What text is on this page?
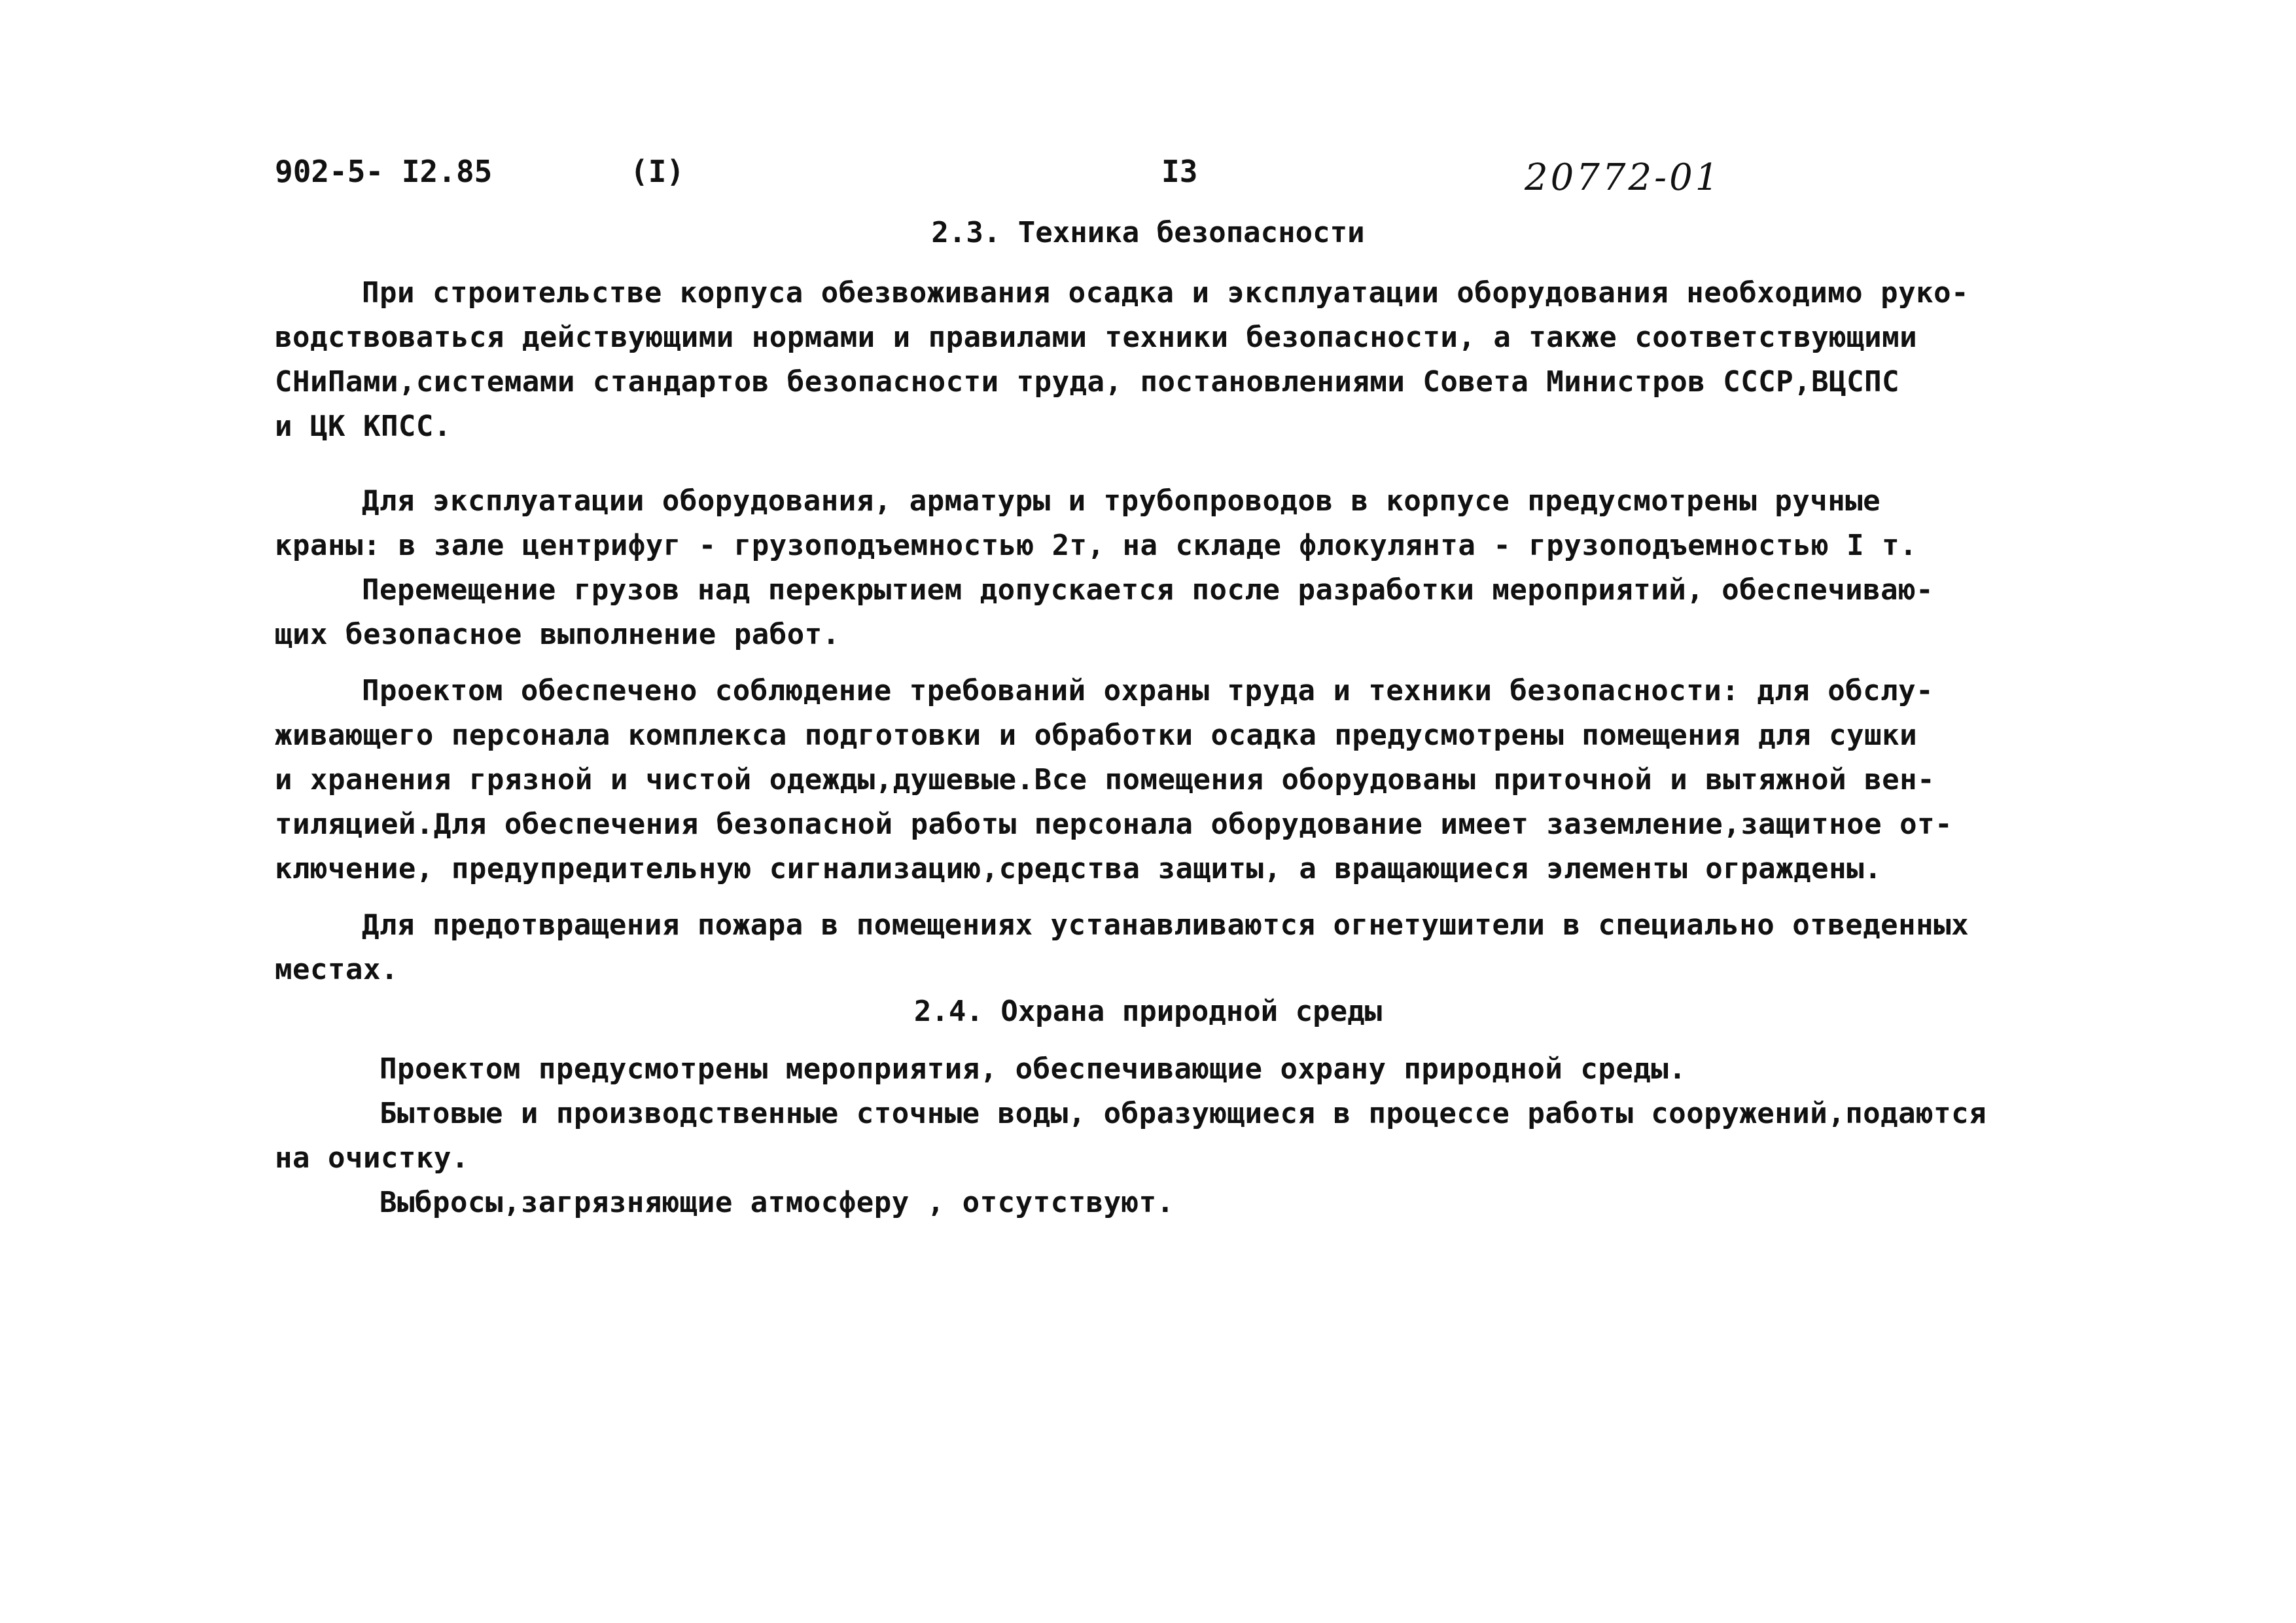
902-5- I2.85	(I)	I3	20772-01
2.3. Техника безопасности
При строительстве корпуса обезвоживания осадка и эксплуатации оборудования необходимо руко-
водствоваться действующими нормами и правилами техники безопасности, а также соответствующими
СНиПами,системами стандартов безопасности труда, постановлениями Совета Министров СССР,ВЦСПС
и ЦК КПСС.
Для эксплуатации оборудования, арматуры и трубопроводов в корпусе предусмотрены ручные
краны: в зале центрифуг - грузоподъемностью 2т, на складе флокулянта - грузоподъемностью I т.
Перемещение грузов над перекрытием допускается после разработки мероприятий, обеспечиваю-
щих безопасное выполнение работ.
Проектом обеспечено соблюдение требований охраны труда и техники безопасности: для обслу-
живающего персонала комплекса подготовки и обработки осадка предусмотрены помещения для сушки
и хранения грязной и чистой одежды,душевые.Все помещения оборудованы приточной и вытяжной вен-
тиляцией.Для обеспечения безопасной работы персонала оборудование имеет заземление,защитное от-
ключение, предупредительную сигнализацию,средства защиты, а вращающиеся элементы ограждены.
Для предотвращения пожара в помещениях устанавливаются огнетушители в специально отведенных
местах.
2.4. Охрана природной среды
Проектом предусмотрены мероприятия, обеспечивающие охрану природной среды.
Бытовые и производственные сточные воды, образующиеся в процессе работы сооружений,подаются
на очистку.
Выбросы,загрязняющие атмосферу , отсутствуют.
